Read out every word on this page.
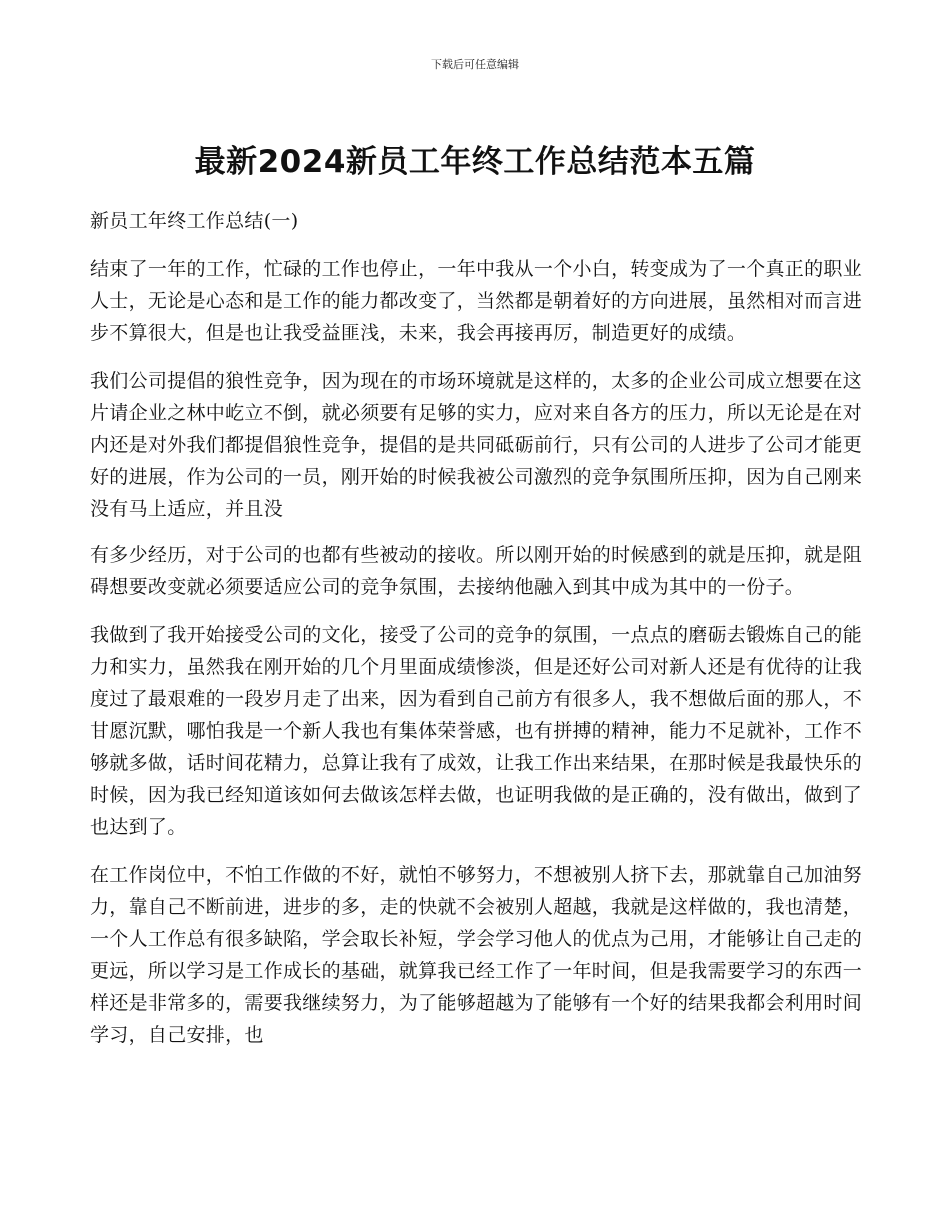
下载后可任意编辑
最新2024新员工年终工作总结范本五篇

新员工年终工作总结(一)

结束了一年的工作，忙碌的工作也停止，一年中我从一个小白，转变成为了一个真正的职业人士，无论是心态和是工作的能力都改变了，当然都是朝着好的方向进展，虽然相对而言进步不算很大，但是也让我受益匪浅，未来，我会再接再厉，制造更好的成绩。

我们公司提倡的狼性竞争，因为现在的市场环境就是这样的，太多的企业公司成立想要在这片请企业之林中屹立不倒，就必须要有足够的实力，应对来自各方的压力，所以无论是在对内还是对外我们都提倡狼性竞争，提倡的是共同砥砺前行，只有公司的人进步了公司才能更好的进展，作为公司的一员，刚开始的时候我被公司激烈的竞争氛围所压抑，因为自己刚来没有马上适应，并且没

有多少经历，对于公司的也都有些被动的接收。所以刚开始的时候感到的就是压抑，就是阻碍想要改变就必须要适应公司的竞争氛围，去接纳他融入到其中成为其中的一份子。

我做到了我开始接受公司的文化，接受了公司的竞争的氛围，一点点的磨砺去锻炼自己的能力和实力，虽然我在刚开始的几个月里面成绩惨淡，但是还好公司对新人还是有优待的让我度过了最艰难的一段岁月走了出来，因为看到自己前方有很多人，我不想做后面的那人，不甘愿沉默，哪怕我是一个新人我也有集体荣誉感，也有拼搏的精神，能力不足就补，工作不够就多做，话时间花精力，总算让我有了成效，让我工作出来结果，在那时候是我最快乐的时候，因为我已经知道该如何去做该怎样去做，也证明我做的是正确的，没有做出，做到了也达到了。

在工作岗位中，不怕工作做的不好，就怕不够努力，不想被别人挤下去，那就靠自己加油努力，靠自己不断前进，进步的多，走的快就不会被别人超越，我就是这样做的，我也清楚，一个人工作总有很多缺陷，学会取长补短，学会学习他人的优点为己用，才能够让自己走的更远，所以学习是工作成长的基础，就算我已经工作了一年时间，但是我需要学习的东西一样还是非常多的，需要我继续努力，为了能够超越为了能够有一个好的结果我都会利用时间学习，自己安排，也
